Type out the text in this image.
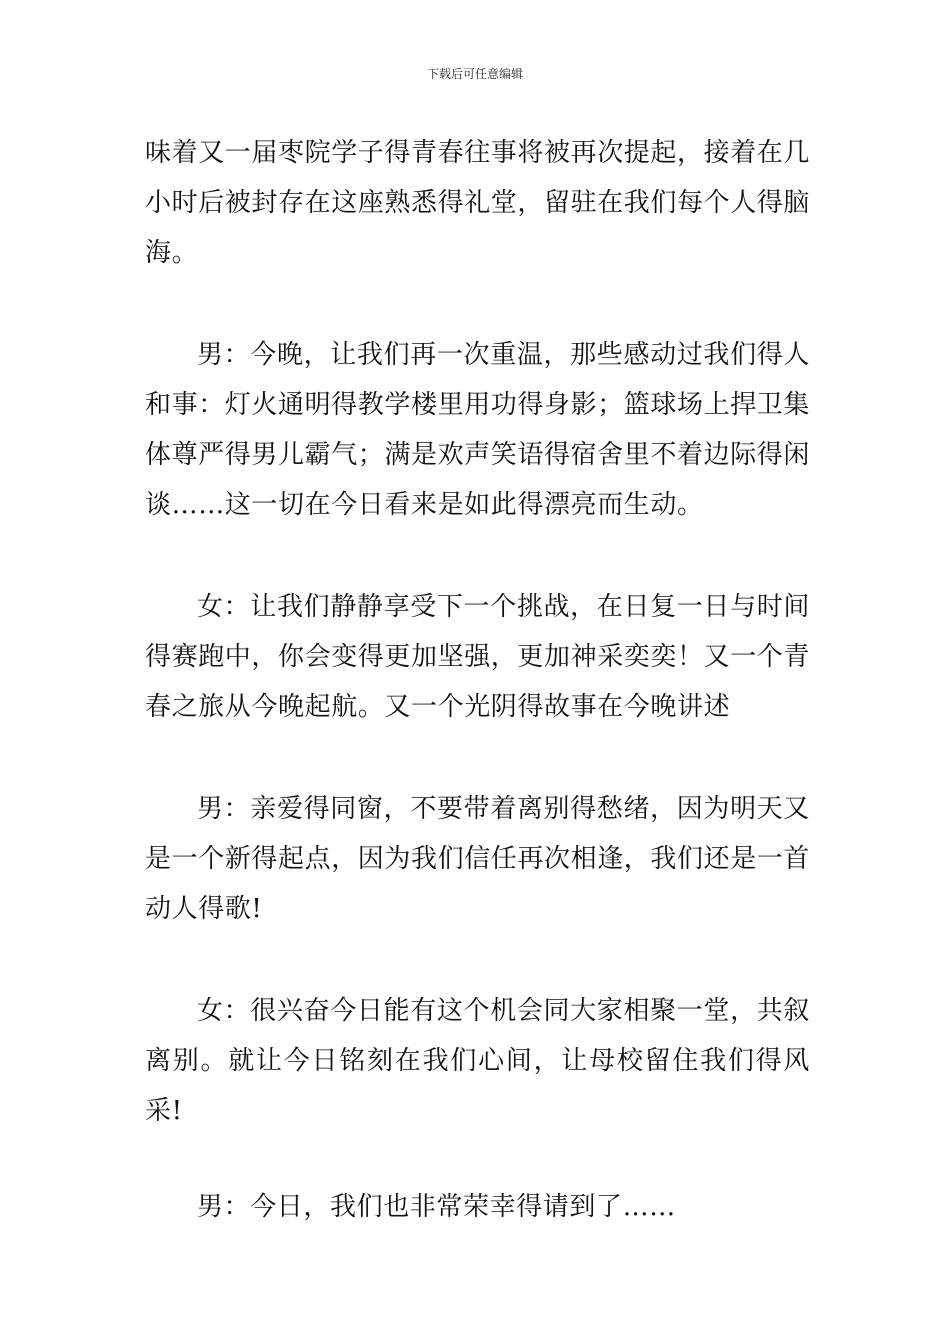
下载后可任意编辑

味着又一届枣院学子得青春往事将被再次提起，接着在几小时后被封存在这座熟悉得礼堂，留驻在我们每个人得脑海。

男：今晚，让我们再一次重温，那些感动过我们得人和事：灯火通明得教学楼里用功得身影；篮球场上捍卫集体尊严得男儿霸气；满是欢声笑语得宿舍里不着边际得闲谈……这一切在今日看来是如此得漂亮而生动。

女：让我们静静享受下一个挑战，在日复一日与时间得赛跑中，你会变得更加坚强，更加神采奕奕！又一个青春之旅从今晚起航。又一个光阴得故事在今晚讲述

男：亲爱得同窗，不要带着离别得愁绪，因为明天又是一个新得起点，因为我们信任再次相逢，我们还是一首动人得歌!

女：很兴奋今日能有这个机会同大家相聚一堂，共叙离别。就让今日铭刻在我们心间，让母校留住我们得风采!

男：今日，我们也非常荣幸得请到了……
